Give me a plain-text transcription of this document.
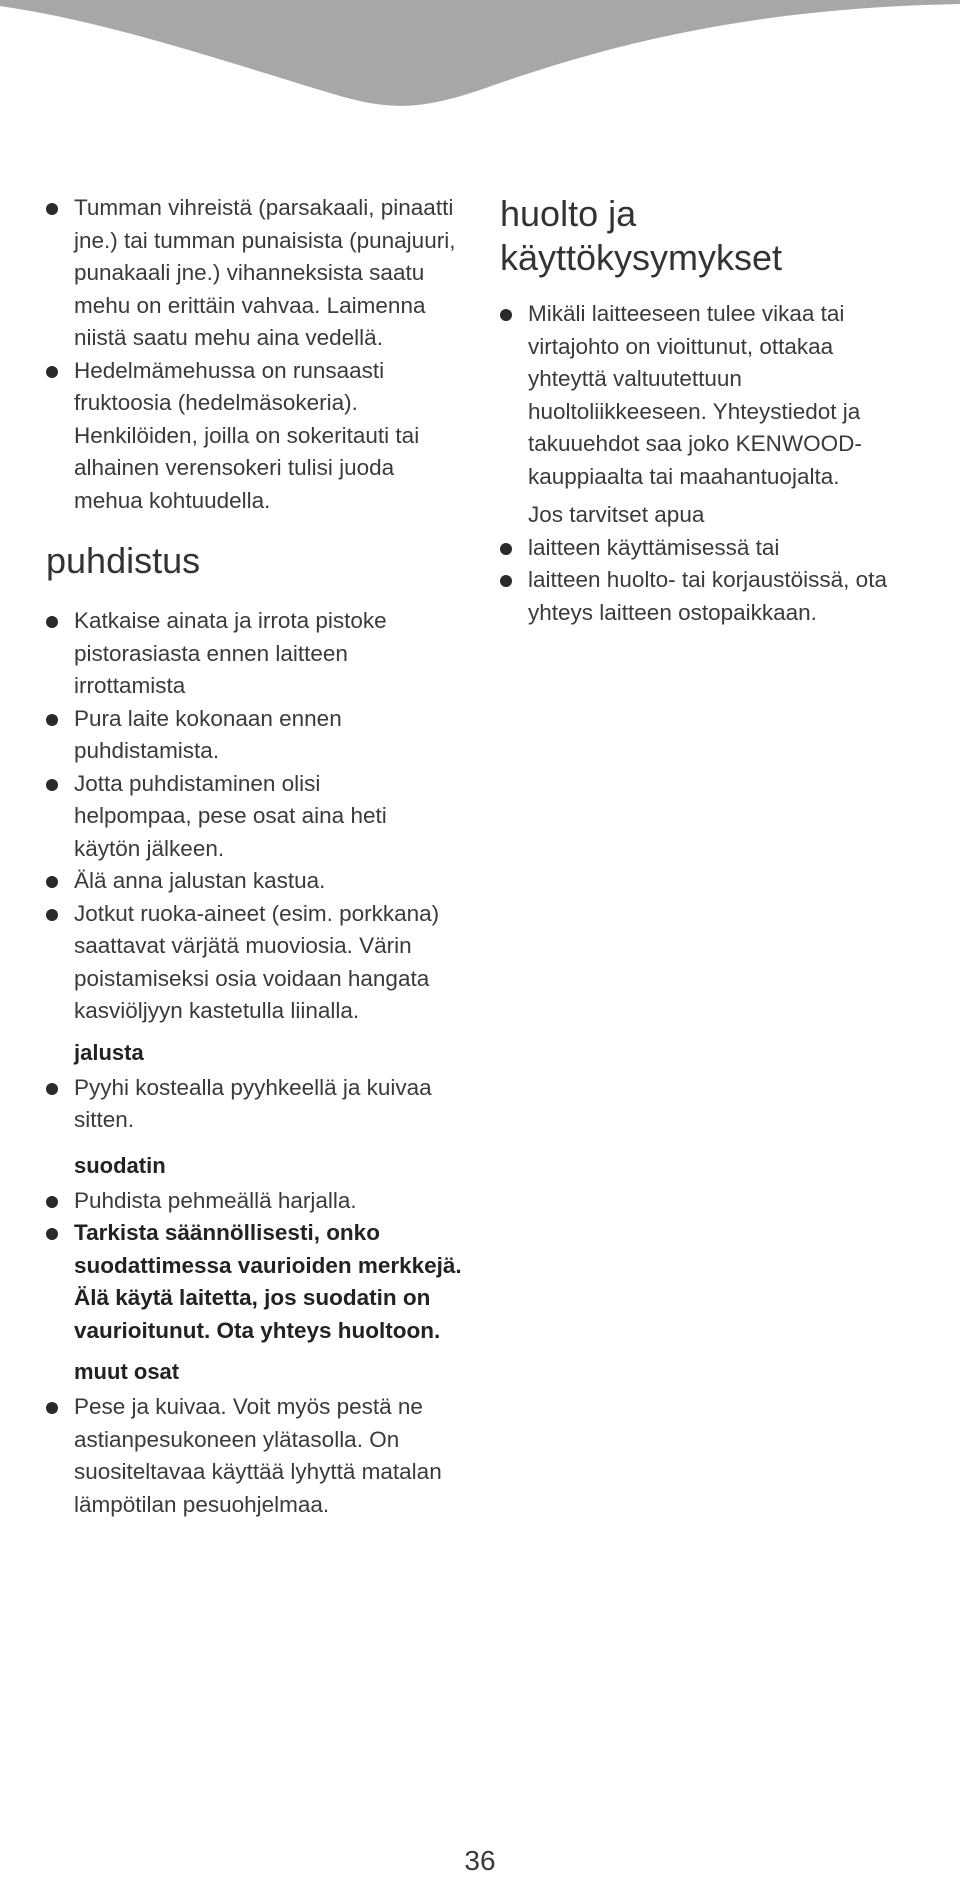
Tumman vihreistä (parsakaali, pinaatti jne.) tai tumman punaisista (punajuuri, punakaali jne.) vihanneksista saatu mehu on erittäin vahvaa. Laimenna niistä saatu mehu aina vedellä.

Hedelmämehussa on runsaasti fruktoosia (hedelmäsokeria). Henkilöiden, joilla on sokeritauti tai alhainen verensokeri tulisi juoda mehua kohtuudella.

puhdistus

Katkaise ainata ja irrota pistoke pistorasiasta ennen laitteen irrottamista

Pura laite kokonaan ennen puhdistamista.

Jotta puhdistaminen olisi helpompaa, pese osat aina heti käytön jälkeen.

Älä anna jalustan kastua.

Jotkut ruoka-aineet (esim. porkkana) saattavat värjätä muoviosia. Värin poistamiseksi osia voidaan hangata kasviöljyyn kastetulla liinalla.

jalusta

Pyyhi kostealla pyyhkeellä ja kuivaa sitten.

suodatin

Puhdista pehmeällä harjalla.

Tarkista säännöllisesti, onko suodattimessa vaurioiden merkkejä. Älä käytä laitetta, jos suodatin on vaurioitunut. Ota yhteys huoltoon.

muut osat

Pese ja kuivaa. Voit myös pestä ne astianpesukoneen ylätasolla. On suositeltavaa käyttää lyhyttä matalan lämpötilan pesuohjelmaa.

huolto ja
käyttökysymykset

Mikäli laitteeseen tulee vikaa tai virtajohto on vioittunut, ottakaa yhteyttä valtuutettuun huoltoliikkeeseen. Yhteystiedot ja takuuehdot saa joko KENWOOD-kauppiaalta tai maahantuojalta.

Jos tarvitset apua

laitteen käyttämisessä tai

laitteen huolto- tai korjaustöissä, ota yhteys laitteen ostopaikkaan.

36
